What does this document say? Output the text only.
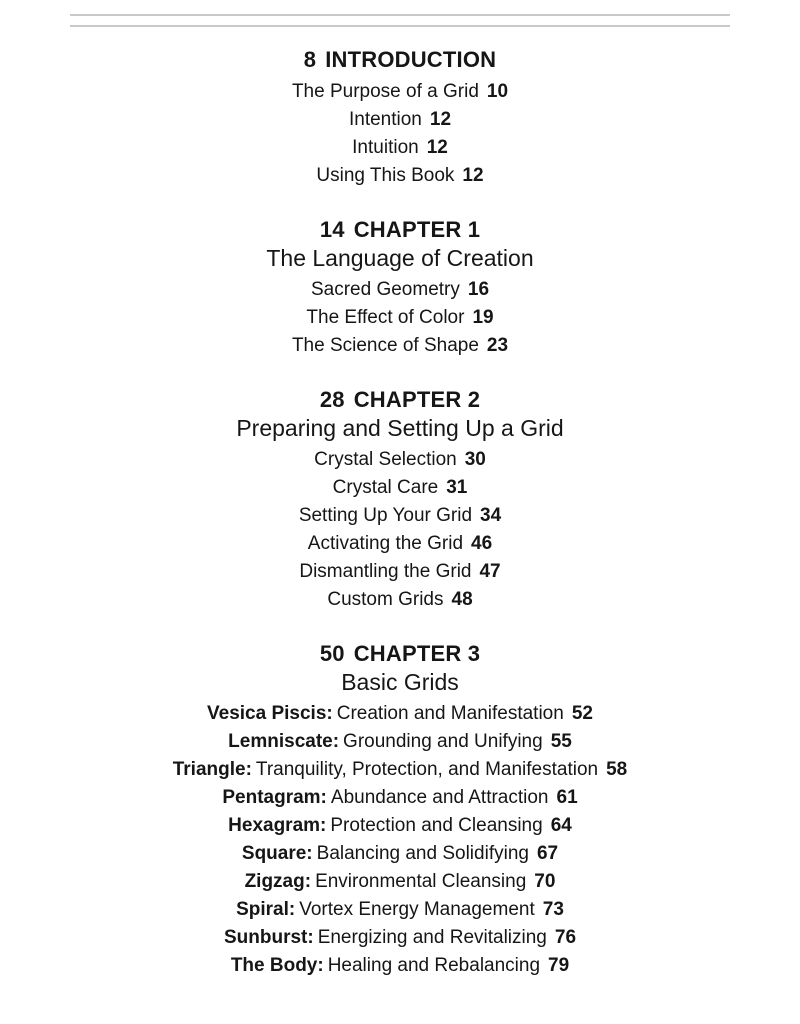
8 INTRODUCTION
The Purpose of a Grid 10
Intention 12
Intuition 12
Using This Book 12
14 CHAPTER 1

The Language of Creation

Sacred Geometry 16
The Effect of Color 19
The Science of Shape 23
28 CHAPTER 2

Preparing and Setting Up a Grid

Crystal Selection 30
Crystal Care 31
Setting Up Your Grid 34
Activating the Grid 46
Dismantling the Grid 47
Custom Grids 48
50 CHAPTER 3

Basic Grids

Vesica Piscis: Creation and Manifestation 52
Lemniscate: Grounding and Unifying 55
Triangle: Tranquility, Protection, and Manifestation 58
Pentagram: Abundance and Attraction 61
Hexagram: Protection and Cleansing 64
Square: Balancing and Solidifying 67
Zigzag: Environmental Cleansing 70
Spiral: Vortex Energy Management 73
Sunburst: Energizing and Revitalizing 76
The Body: Healing and Rebalancing 79
